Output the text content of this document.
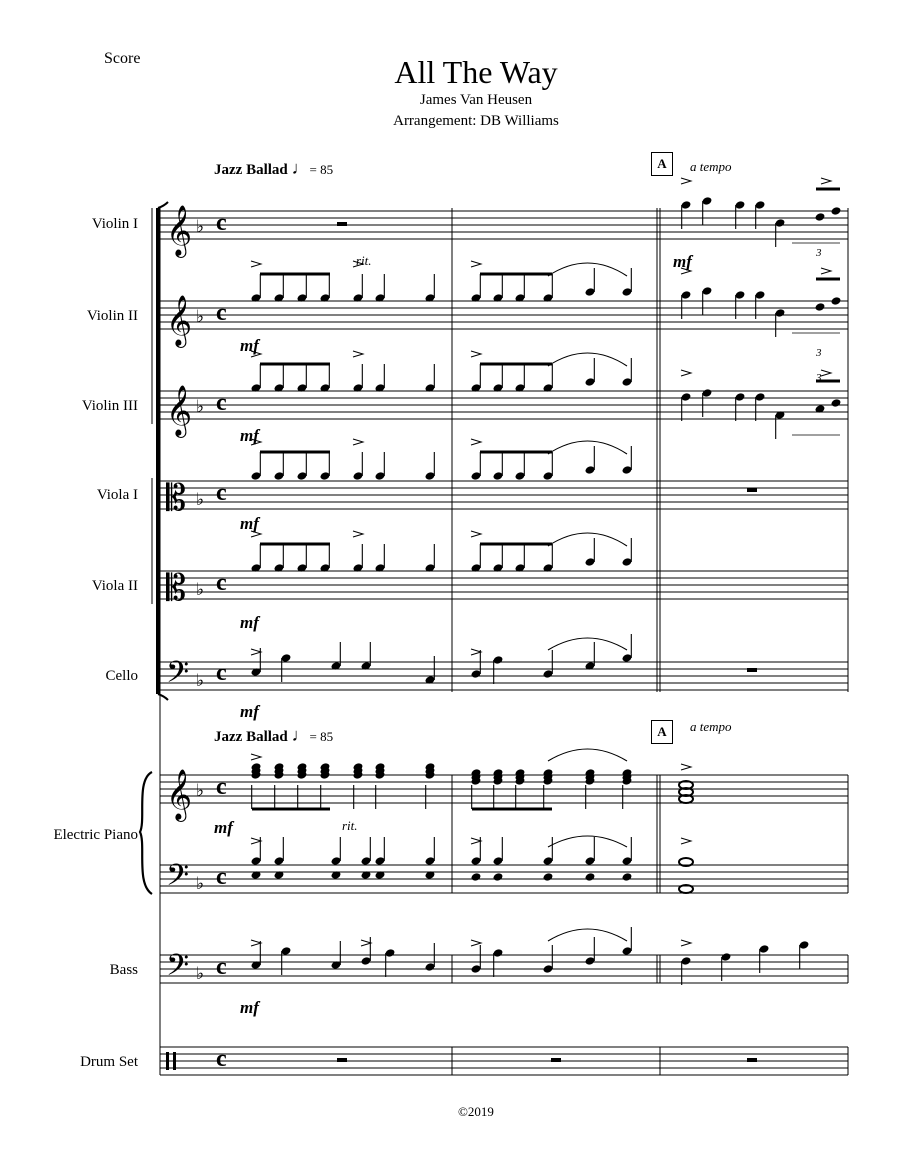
Score	All The Way
James Van Heusen
Arrangement: DB Williams
Jazz Ballad ♩= 85
Jazz Ballad ♩= 85
A	a tempo
A	a tempo
Violin I
Violin II
Violin III
Viola I
Viola II
Cello
Electric Piano
Bass
Drum Set
rit.
rit.
mf
mf
mf
mf
mf
mf
mf
mf
c
c
c
c
c
c
c
c
c
c
3
3
3
©2019
𝄞 ♭
𝄞 ♭
𝄞 ♭
𝄡 ♭
𝄡 ♭
𝄢 ♭
𝄞 ♭
𝄢 ♭
𝄢 ♭
